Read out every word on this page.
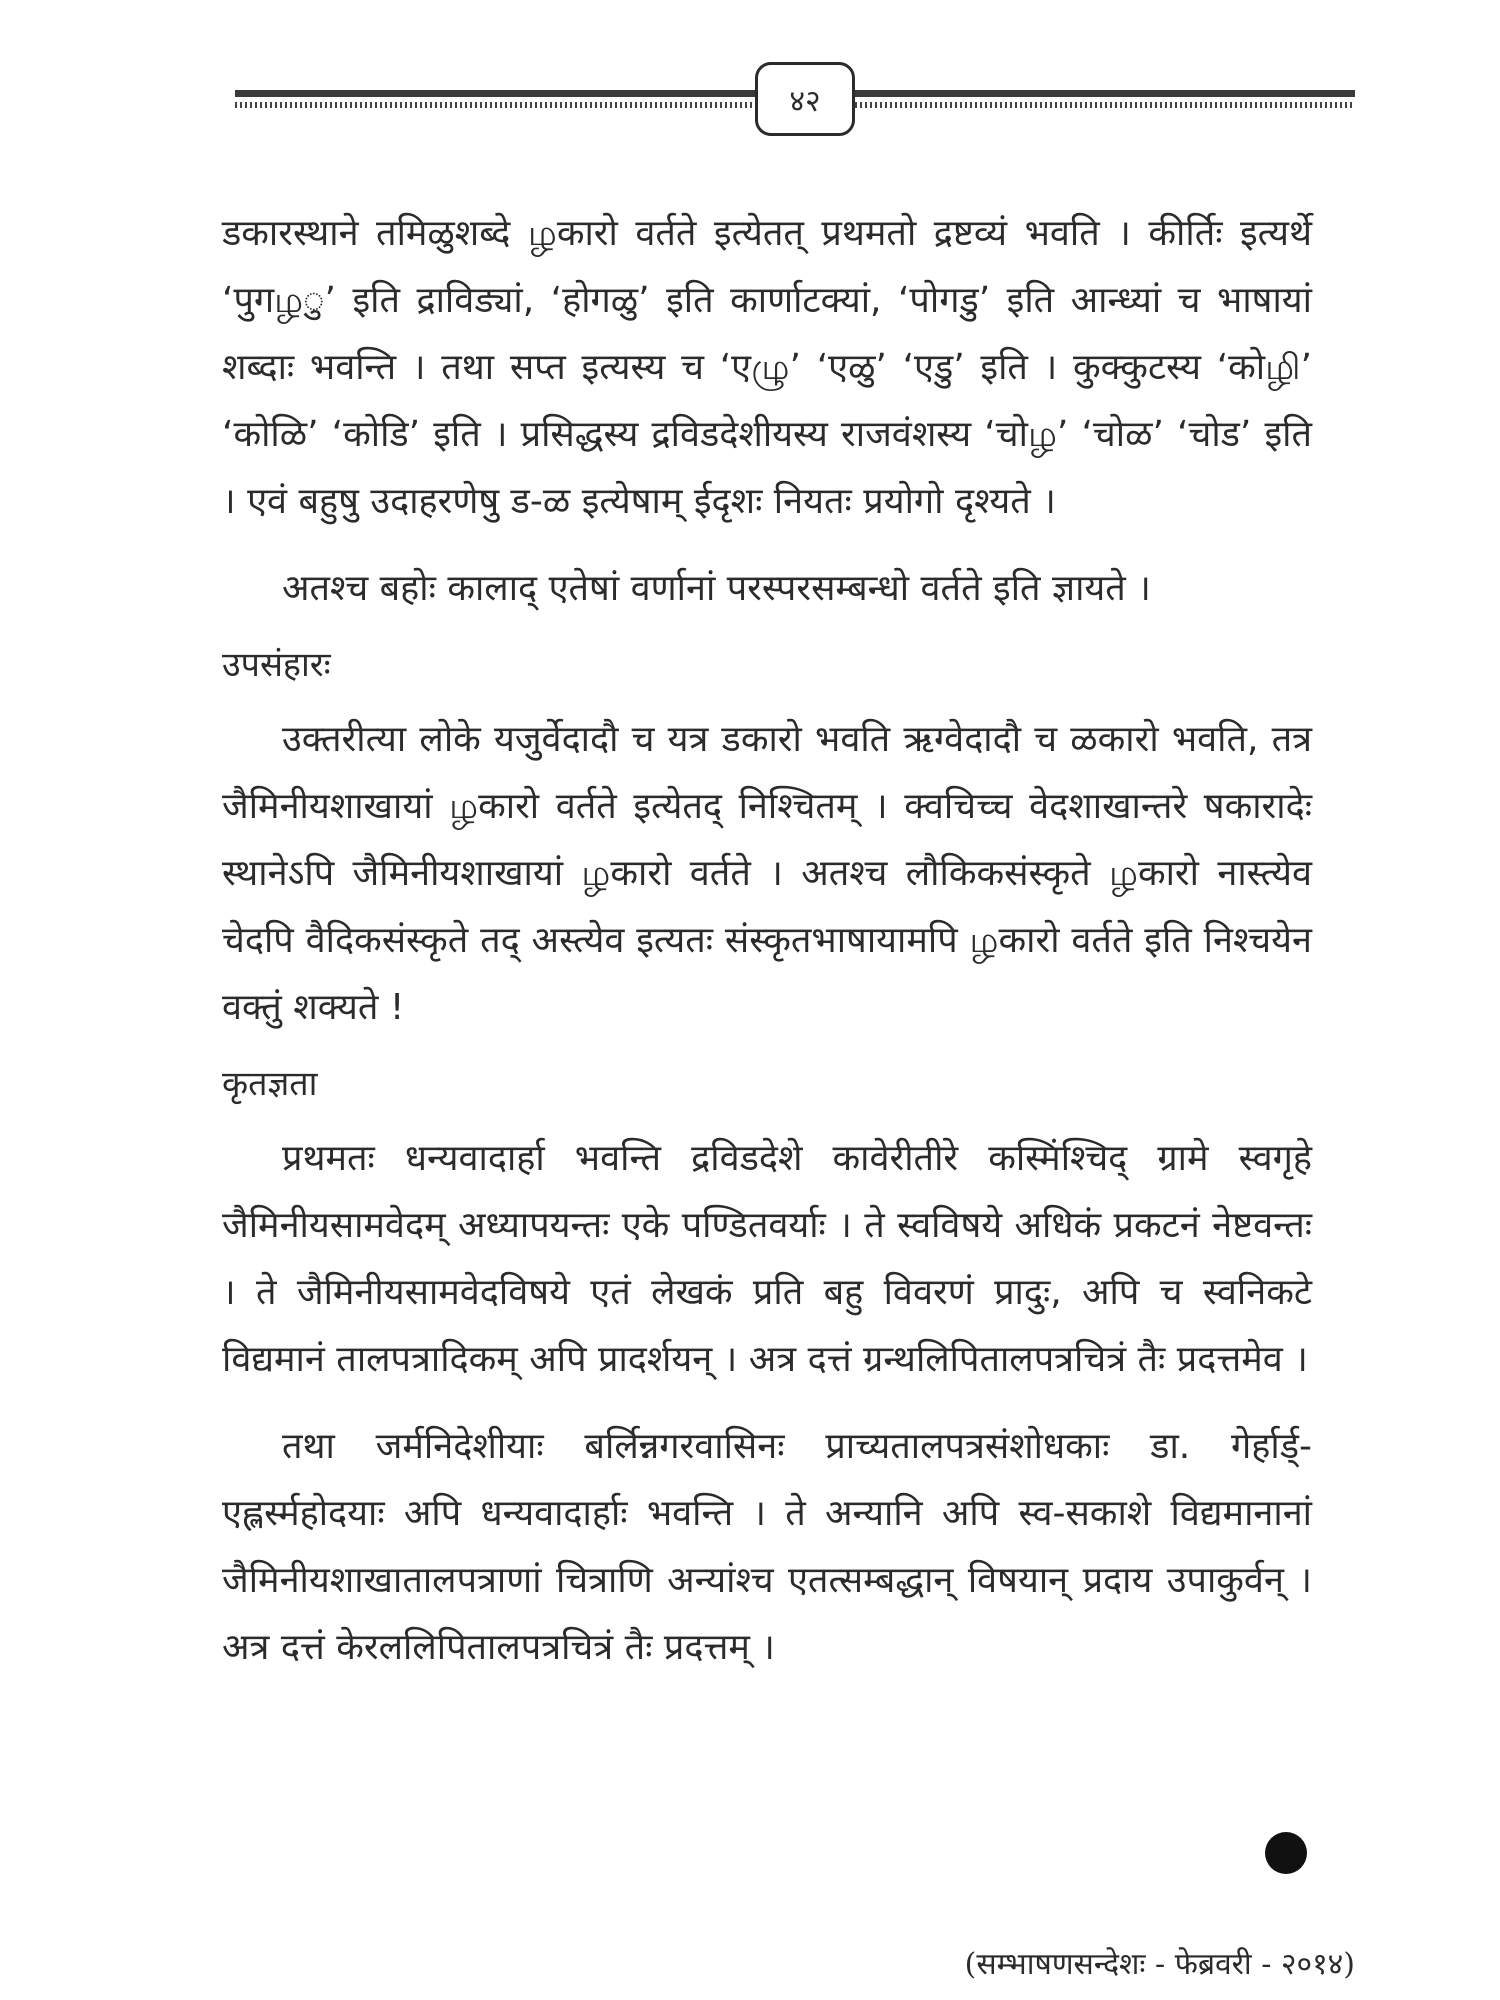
४२

डकारस्थाने तमिळुशब्दे ழकारो वर्तते इत्येतत् प्रथमतो द्रष्टव्यं भवति । कीर्तिः इत्यर्थे ‘पुगழु’ इति द्राविड्यां, ‘होगळु’ इति कार्णाटक्यां, ‘पोगडु’ इति आन्ध्यां च भाषायां शब्दाः भवन्ति । तथा सप्त इत्यस्य च ‘एழு’ ‘एळु’ ‘एडु’ इति । कुक्कुटस्य ‘कोழி’ ‘कोळि’ ‘कोडि’ इति । प्रसिद्धस्य द्रविडदेशीयस्य राजवंशस्य ‘चोழ’ ‘चोळ’ ‘चोड’ इति । एवं बहुषु उदाहरणेषु ड-ळ इत्येषाम् ईदृशः नियतः प्रयोगो दृश्यते ।

अतश्च बहोः कालाद् एतेषां वर्णानां परस्परसम्बन्धो वर्तते इति ज्ञायते ।

उपसंहारः

उक्तरीत्या लोके यजुर्वेदादौ च यत्र डकारो भवति ऋग्वेदादौ च ळकारो भवति, तत्र जैमिनीयशाखायां ழकारो वर्तते इत्येतद् निश्चितम् । क्वचिच्च वेदशाखान्तरे षकारादेः स्थानेऽपि जैमिनीयशाखायां ழकारो वर्तते । अतश्च लौकिकसंस्कृते ழकारो नास्त्येव चेदपि वैदिकसंस्कृते तद् अस्त्येव इत्यतः संस्कृतभाषायामपि ழकारो वर्तते इति निश्चयेन वक्तुं शक्यते !

कृतज्ञता

प्रथमतः धन्यवादार्हा भवन्ति द्रविडदेशे कावेरीतीरे कस्मिंश्चिद् ग्रामे स्वगृहे जैमिनीयसामवेदम् अध्यापयन्तः एके पण्डितवर्याः । ते स्वविषये अधिकं प्रकटनं नेष्टवन्तः । ते जैमिनीयसामवेदविषये एतं लेखकं प्रति बहु विवरणं प्रादुः, अपि च स्वनिकटे विद्यमानं तालपत्रादिकम् अपि प्रादर्शयन् । अत्र दत्तं ग्रन्थलिपितालपत्रचित्रं तैः प्रदत्तमेव ।

तथा जर्मनिदेशीयाः बर्लिन्नगरवासिनः प्राच्यतालपत्रसंशोधकाः डा. गेर्हार्ड्-एह्लर्स्महोदयाः अपि धन्यवादार्हाः भवन्ति । ते अन्यानि अपि स्व-सकाशे विद्यमानानां जैमिनीयशाखातालपत्राणां चित्राणि अन्यांश्च एतत्सम्बद्धान् विषयान् प्रदाय उपाकुर्वन् । अत्र दत्तं केरललिपितालपत्रचित्रं तैः प्रदत्तम् ।

(सम्भाषणसन्देशः - फेब्रवरी - २०१४)
